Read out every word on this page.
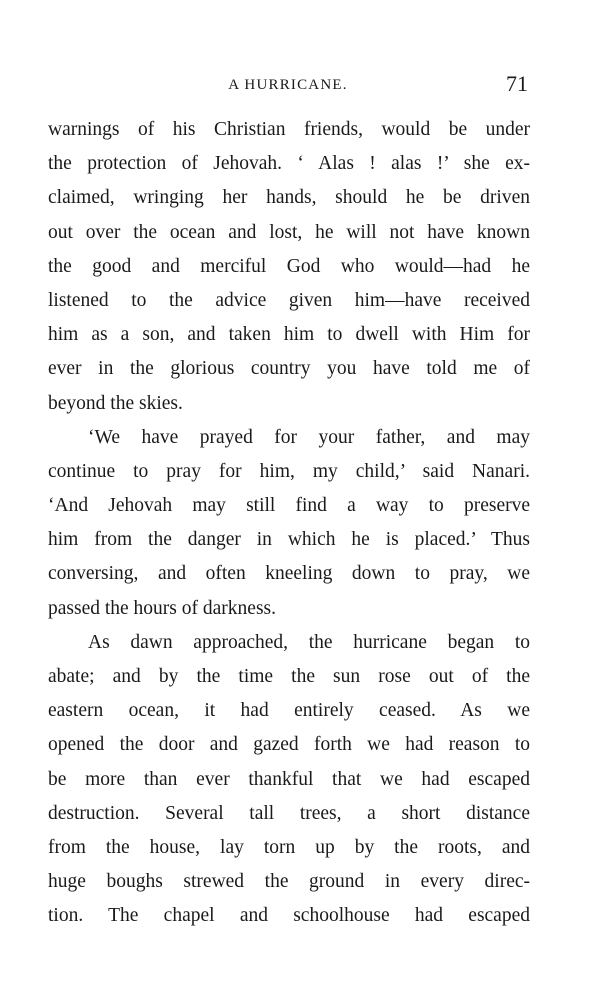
A HURRICANE.	71
warnings of his Christian friends, would be under
the protection of Jehovah. ‘ Alas ! alas !’ she ex-
claimed, wringing her hands, should he be driven
out over the ocean and lost, he will not have known
the good and merciful God who would—had he
listened to the advice given him—have received
him as a son, and taken him to dwell with Him for
ever in the glorious country you have told me of
beyond the skies.
‘We have prayed for your father, and may
continue to pray for him, my child,’ said Nanari.
‘And Jehovah may still find a way to preserve
him from the danger in which he is placed.’ Thus
conversing, and often kneeling down to pray, we
passed the hours of darkness.
As dawn approached, the hurricane began to
abate; and by the time the sun rose out of the
eastern ocean, it had entirely ceased. As we
opened the door and gazed forth we had reason to
be more than ever thankful that we had escaped
destruction. Several tall trees, a short distance
from the house, lay torn up by the roots, and
huge boughs strewed the ground in every direc-
tion. The chapel and schoolhouse had escaped
